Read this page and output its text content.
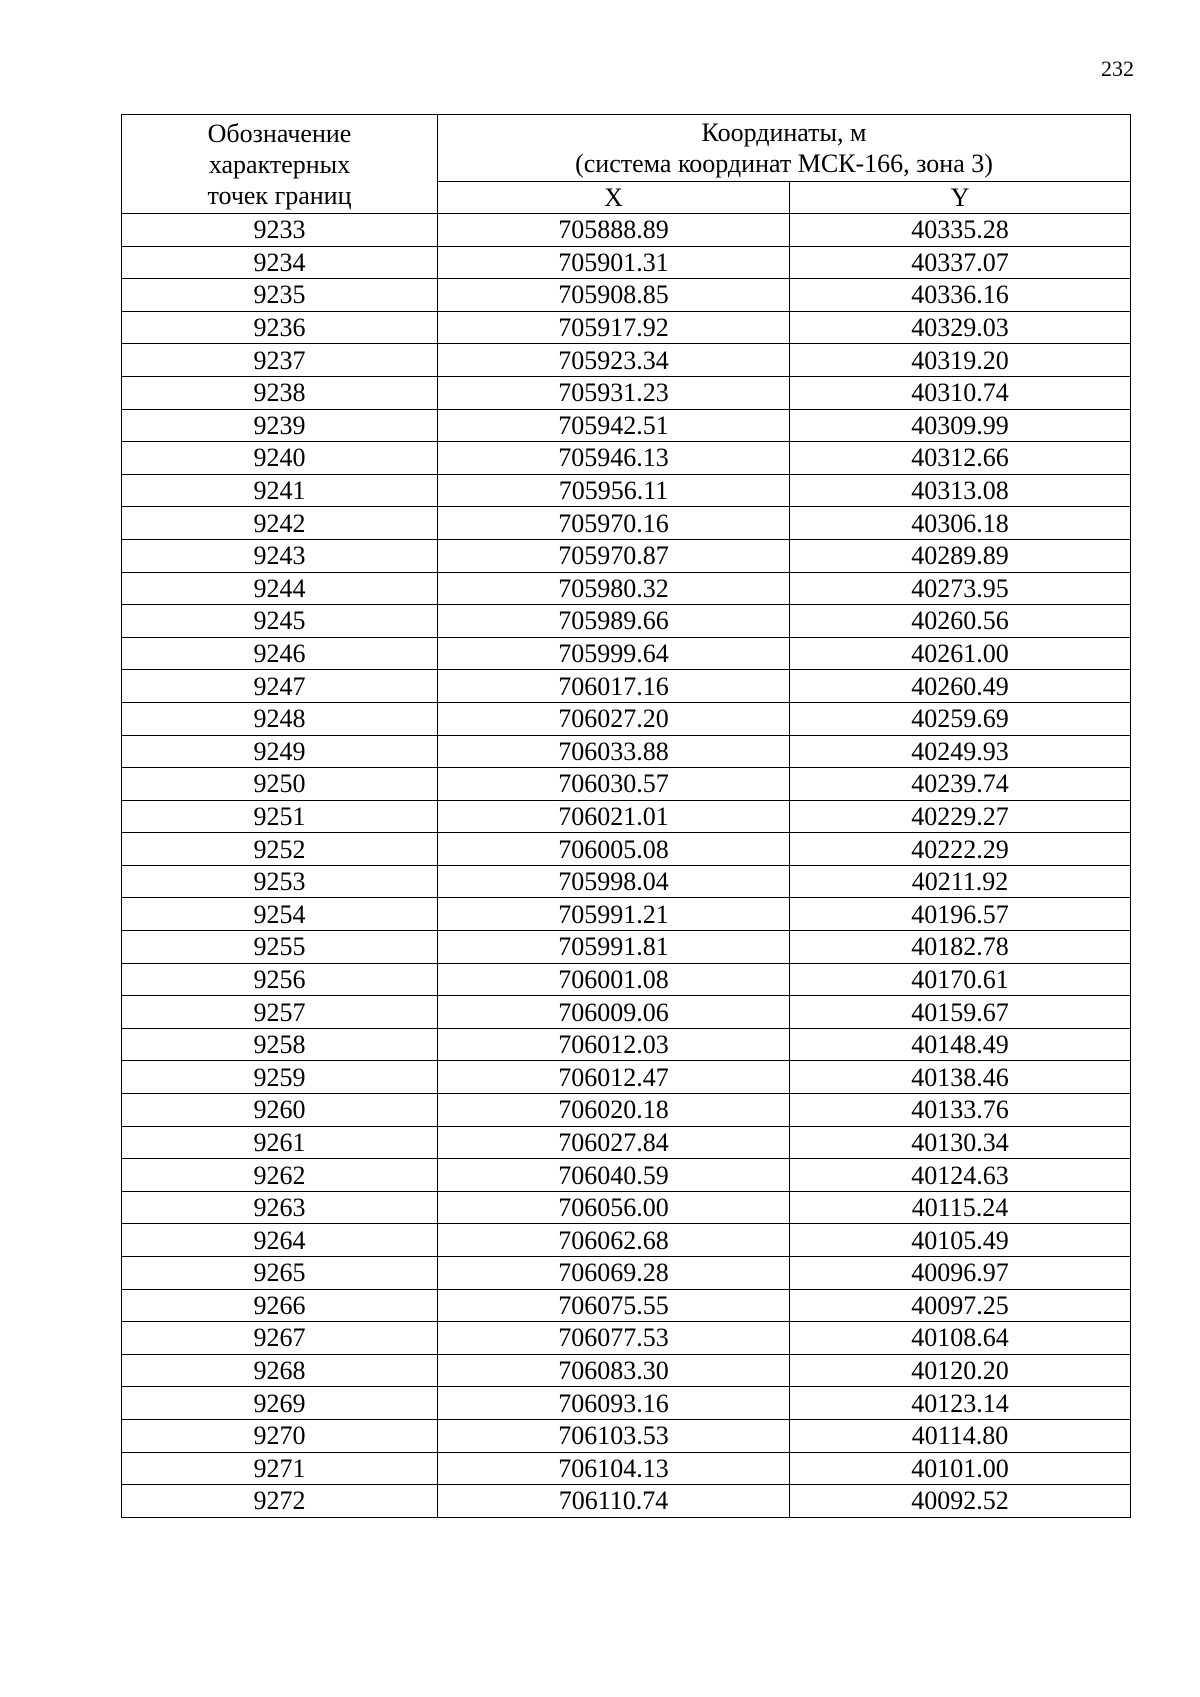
232
Обозначение
характерных
точек границ	Координаты, м
(система координат МСК-166, зона 3)	

	X	Y
9233	705888.89	40335.28
9234	705901.31	40337.07
9235	705908.85	40336.16
9236	705917.92	40329.03
9237	705923.34	40319.20
9238	705931.23	40310.74
9239	705942.51	40309.99
9240	705946.13	40312.66
9241	705956.11	40313.08
9242	705970.16	40306.18
9243	705970.87	40289.89
9244	705980.32	40273.95
9245	705989.66	40260.56
9246	705999.64	40261.00
9247	706017.16	40260.49
9248	706027.20	40259.69
9249	706033.88	40249.93
9250	706030.57	40239.74
9251	706021.01	40229.27
9252	706005.08	40222.29
9253	705998.04	40211.92
9254	705991.21	40196.57
9255	705991.81	40182.78
9256	706001.08	40170.61
9257	706009.06	40159.67
9258	706012.03	40148.49
9259	706012.47	40138.46
9260	706020.18	40133.76
9261	706027.84	40130.34
9262	706040.59	40124.63
9263	706056.00	40115.24
9264	706062.68	40105.49
9265	706069.28	40096.97
9266	706075.55	40097.25
9267	706077.53	40108.64
9268	706083.30	40120.20
9269	706093.16	40123.14
9270	706103.53	40114.80
9271	706104.13	40101.00
9272	706110.74	40092.52
